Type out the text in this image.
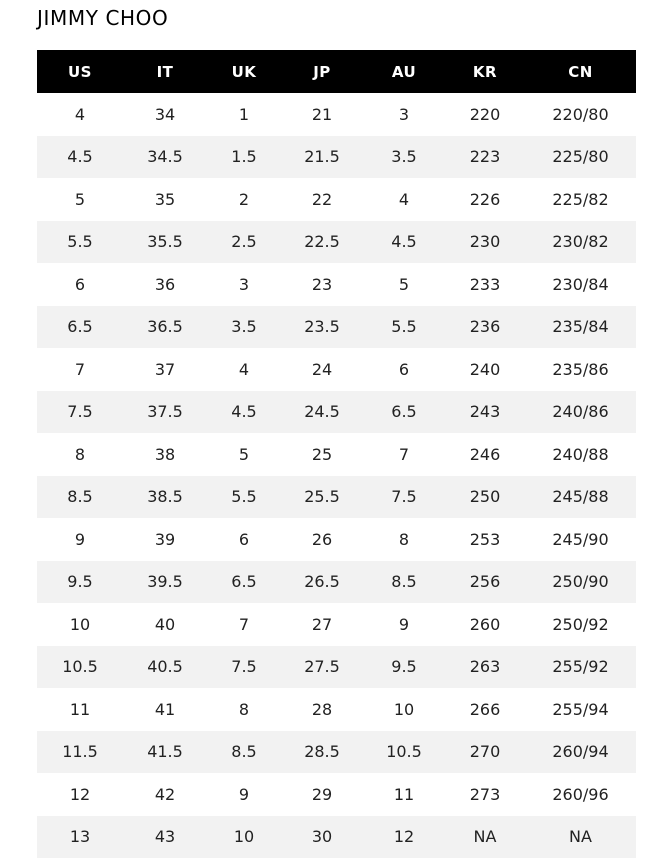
JIMMY CHOO
US	IT	UK	JP	AU	KR	CN
4	34	1	21	3	220	220/80
4.5	34.5	1.5	21.5	3.5	223	225/80
5	35	2	22	4	226	225/82
5.5	35.5	2.5	22.5	4.5	230	230/82
6	36	3	23	5	233	230/84
6.5	36.5	3.5	23.5	5.5	236	235/84
7	37	4	24	6	240	235/86
7.5	37.5	4.5	24.5	6.5	243	240/86
8	38	5	25	7	246	240/88
8.5	38.5	5.5	25.5	7.5	250	245/88
9	39	6	26	8	253	245/90
9.5	39.5	6.5	26.5	8.5	256	250/90
10	40	7	27	9	260	250/92
10.5	40.5	7.5	27.5	9.5	263	255/92
11	41	8	28	10	266	255/94
11.5	41.5	8.5	28.5	10.5	270	260/94
12	42	9	29	11	273	260/96
13	43	10	30	12	NA	NA
